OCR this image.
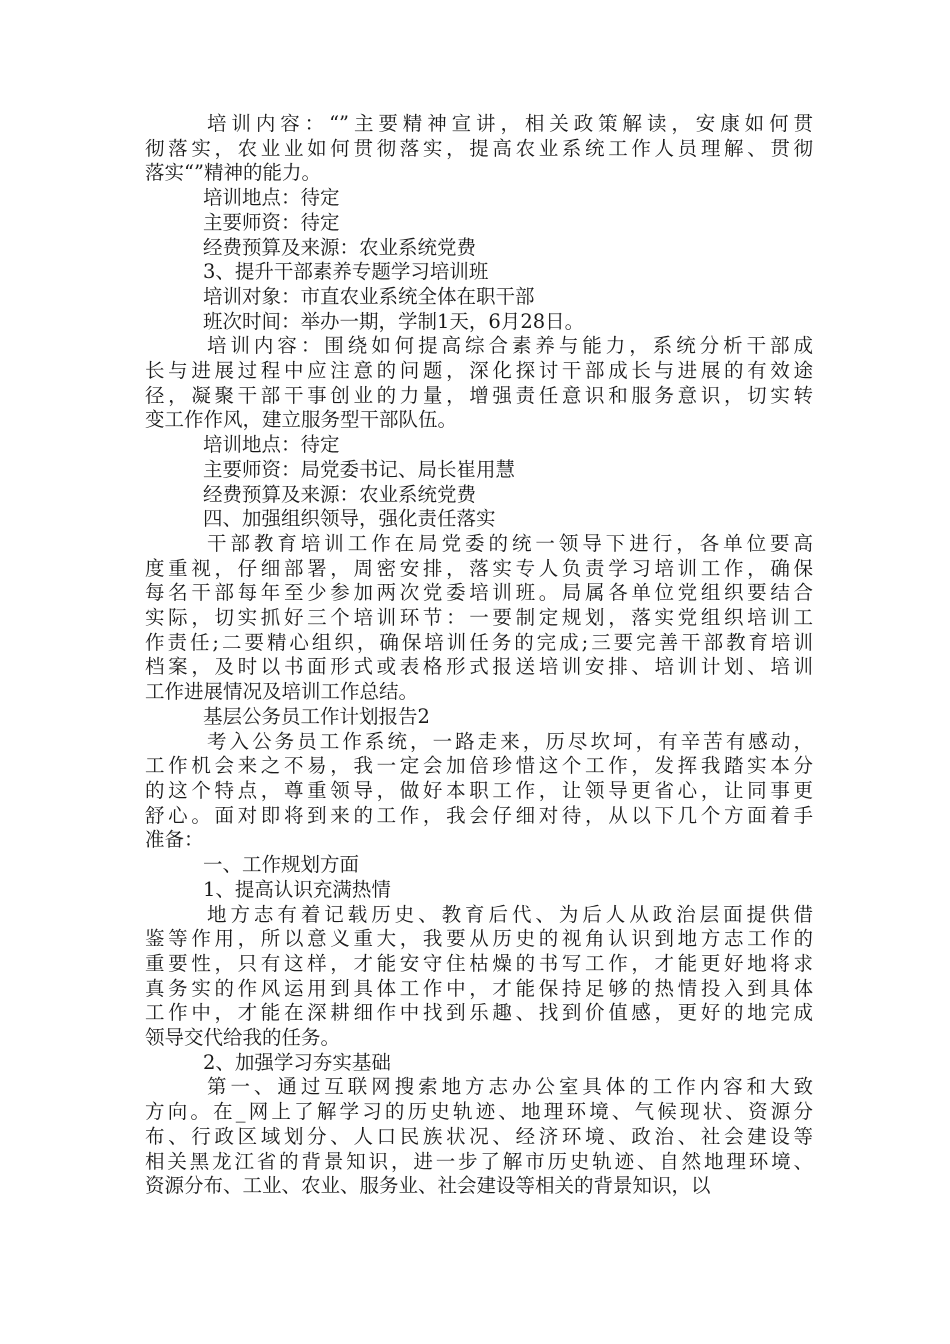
培训内容：“”主要精神宣讲，相关政策解读，安康如何贯
彻落实，农业业如何贯彻落实，提高农业系统工作人员理解、贯彻
落实“”精神的能力。
培训地点：待定
主要师资：待定
经费预算及来源：农业系统党费
3、提升干部素养专题学习培训班
培训对象：市直农业系统全体在职干部
班次时间：举办一期，学制1天，6月28日。
培训内容：围绕如何提高综合素养与能力，系统分析干部成
长与进展过程中应注意的问题，深化探讨干部成长与进展的有效途
径，凝聚干部干事创业的力量，增强责任意识和服务意识，切实转
变工作作风，建立服务型干部队伍。
培训地点：待定
主要师资：局党委书记、局长崔用慧
经费预算及来源：农业系统党费
四、加强组织领导，强化责任落实
干部教育培训工作在局党委的统一领导下进行，各单位要高
度重视，仔细部署，周密安排，落实专人负责学习培训工作，确保
每名干部每年至少参加两次党委培训班。局属各单位党组织要结合
实际，切实抓好三个培训环节：一要制定规划，落实党组织培训工
作责任;二要精心组织，确保培训任务的完成;三要完善干部教育培训
档案，及时以书面形式或表格形式报送培训安排、培训计划、培训
工作进展情况及培训工作总结。
基层公务员工作计划报告2
考入公务员工作系统，一路走来，历尽坎坷，有辛苦有感动，
工作机会来之不易，我一定会加倍珍惜这个工作，发挥我踏实本分
的这个特点，尊重领导，做好本职工作，让领导更省心，让同事更
舒心。面对即将到来的工作，我会仔细对待，从以下几个方面着手
准备：
一、工作规划方面
1、提高认识充满热情
地方志有着记载历史、教育后代、为后人从政治层面提供借
鉴等作用，所以意义重大，我要从历史的视角认识到地方志工作的
重要性，只有这样，才能安守住枯燥的书写工作，才能更好地将求
真务实的作风运用到具体工作中，才能保持足够的热情投入到具体
工作中，才能在深耕细作中找到乐趣、找到价值感，更好的地完成
领导交代给我的任务。
2、加强学习夯实基础
第一、通过互联网搜索地方志办公室具体的工作内容和大致
方向。在_网上了解学习的历史轨迹、地理环境、气候现状、资源分
布、行政区域划分、人口民族状况、经济环境、政治、社会建设等
相关黑龙江省的背景知识，进一步了解市历史轨迹、自然地理环境、
资源分布、工业、农业、服务业、社会建设等相关的背景知识，以
